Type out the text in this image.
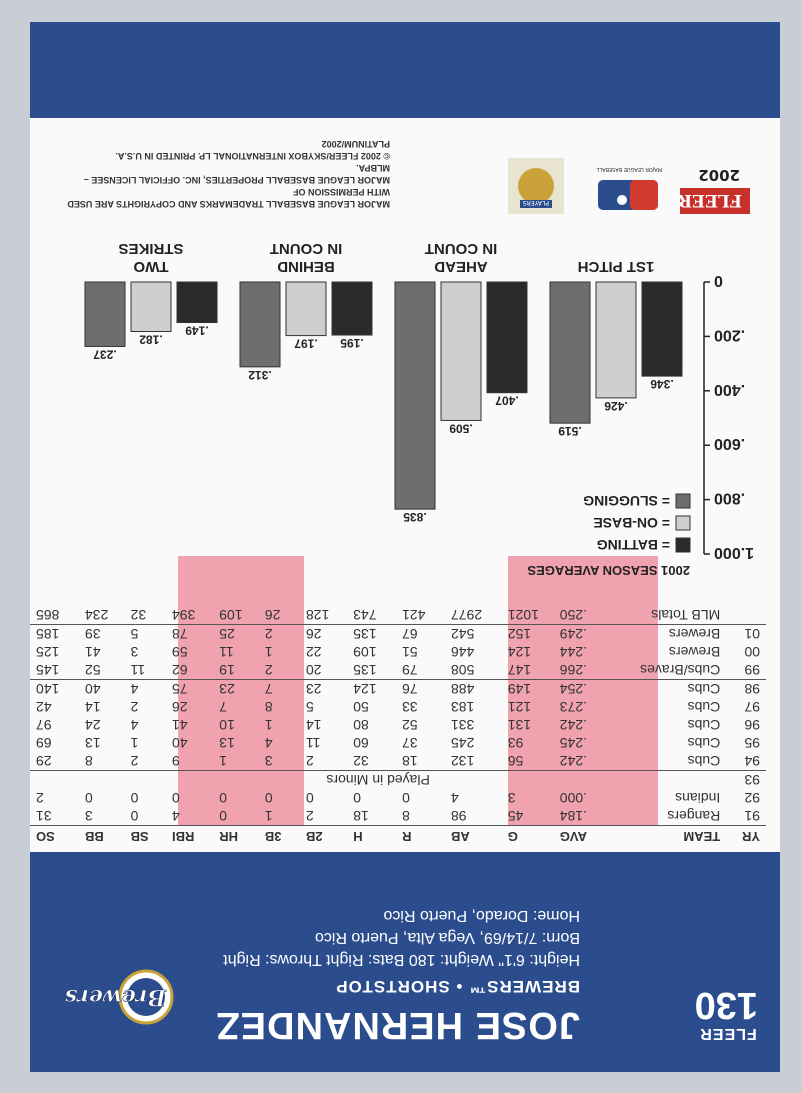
FLEER
130
JOSE HERNANDEZ
BREWERS™ • SHORTSTOP
Height: 6'1" Weight: 180 Bats: Right Throws: Right
Born: 7/14/69, Vega Alta, Puerto Rico
Home: Dorado, Puerto Rico
Brewers
YR	TEAM	AVG	G	AB	R	H	2B	3B	HR	RBI	SB	BB	SO
91	Rangers	.184	45	98	8	18	2	1	0	4	0	3	31
92	Indians	.000	3	4	0	0	0	0	0	0	0	0	2
93	Played in Minors												
94	Cubs	.242	56	132	18	32	2	3	1	9	2	8	29
95	Cubs	.245	93	245	37	60	11	4	13	40	1	13	69
96	Cubs	.242	131	331	52	80	14	1	10	41	4	24	97
97	Cubs	.273	121	183	33	50	5	8	7	26	2	14	42
98	Cubs	.254	149	488	76	124	23	7	23	75	4	40	140
99	Cubs/Braves	.266	147	508	79	135	20	2	19	62	11	52	145
00	Brewers	.244	124	446	51	109	22	1	11	59	3	41	125
01	Brewers	.249	152	542	67	135	26	2	25	78	5	39	185
	MLB Totals	.250	1021	2977	421	743	128	26	109	394	32	234	865
0
.200
.400
.600
.800
1.000
2001 SEASON AVERAGES
= BATTING
= ON-BASE
= SLUGGING
.346
.426
.519
1ST PITCH
.407
.509
.835
AHEAD
IN COUNT
.195
.197
.312
BEHIND
IN COUNT
.149
.182
.237
TWO
STRIKES
FLEER
2002
MAJOR LEAGUE BASEBALL
PLAYERS
MAJOR LEAGUE BASEBALL TRADEMARKS AND COPYRIGHTS ARE USED WITH PERMISSION OF
MAJOR LEAGUE BASEBALL PROPERTIES, INC. OFFICIAL LICENSEE – MLBPA.
© 2002 FLEER/SKYBOX INTERNATIONAL LP. PRINTED IN U.S.A. PLATINUM/2002
